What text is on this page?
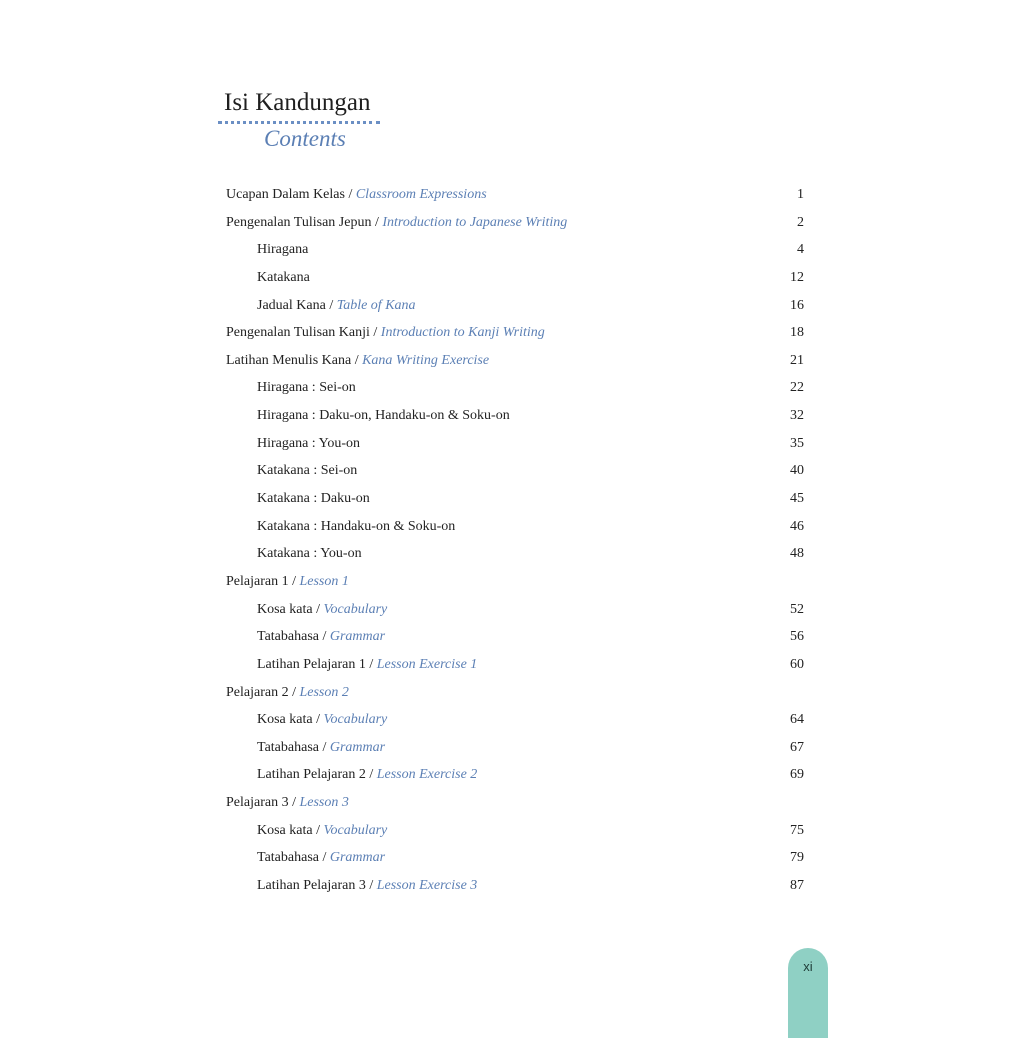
Isi Kandungan
Contents
Ucapan Dalam Kelas / Classroom Expressions	1
Pengenalan Tulisan Jepun / Introduction to Japanese Writing	2
Hiragana	4
Katakana	12
Jadual Kana / Table of Kana	16
Pengenalan Tulisan Kanji / Introduction to Kanji Writing	18
Latihan Menulis Kana / Kana Writing Exercise	21
Hiragana : Sei-on	22
Hiragana : Daku-on, Handaku-on & Soku-on	32
Hiragana : You-on	35
Katakana : Sei-on	40
Katakana : Daku-on	45
Katakana : Handaku-on & Soku-on	46
Katakana : You-on	48
Pelajaran 1 / Lesson 1
Kosa kata / Vocabulary	52
Tatabahasa / Grammar	56
Latihan Pelajaran 1 / Lesson Exercise 1	60
Pelajaran 2 / Lesson 2
Kosa kata / Vocabulary	64
Tatabahasa / Grammar	67
Latihan Pelajaran 2 / Lesson Exercise 2	69
Pelajaran 3 / Lesson 3
Kosa kata / Vocabulary	75
Tatabahasa / Grammar	79
Latihan Pelajaran 3 / Lesson Exercise 3	87
xi
